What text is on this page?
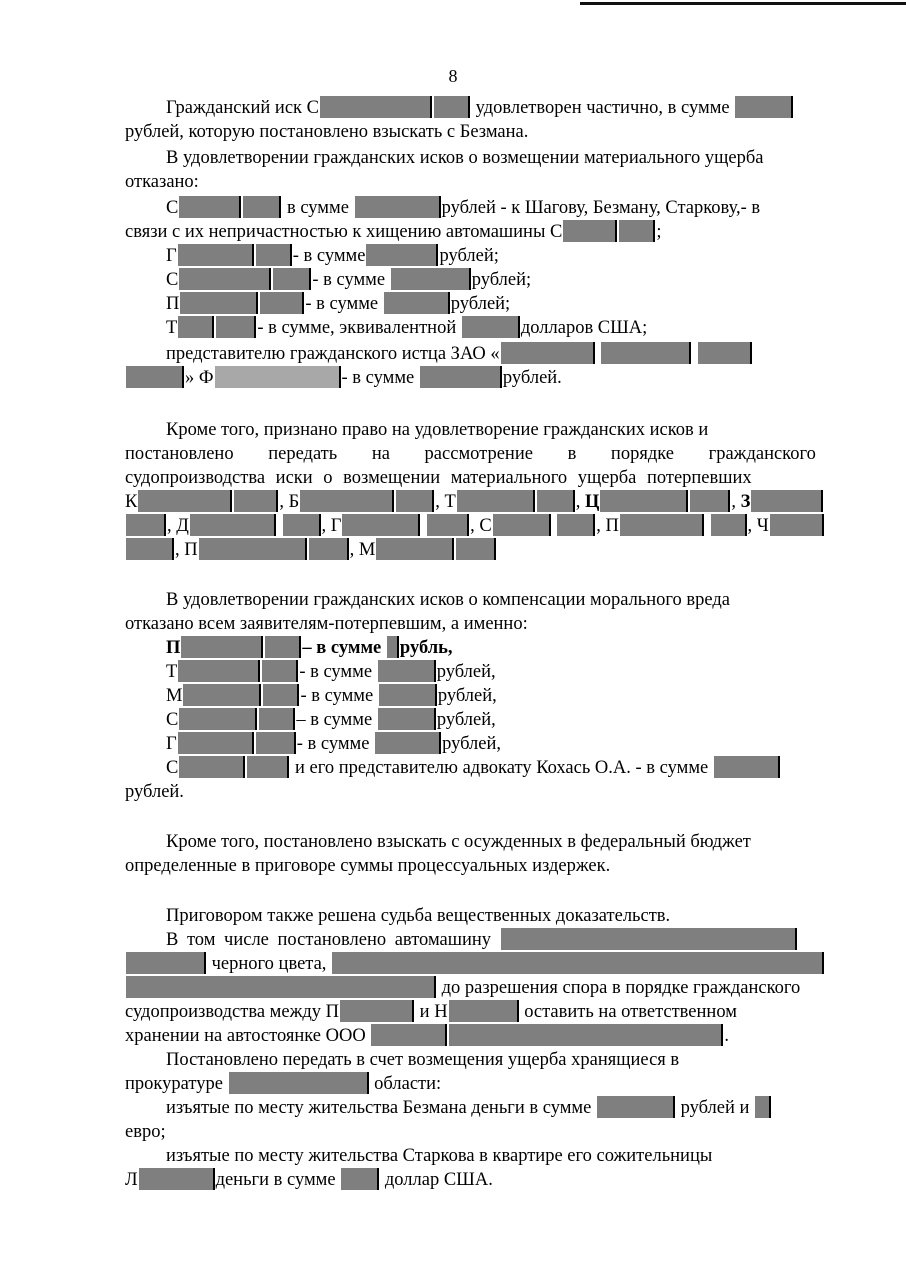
8
Гражданский иск С	удовлетворен частично, в сумме
рублей, которую постановлено взыскать с Безмана.
В удовлетворении гражданских исков о возмещении материального ущерба
отказано:
С	в сумме	рублей - к Шагову, Безману, Старкову,- в
связи с их непричастностью к хищению автомашины С	;
Г	- в сумме	рублей;
С	- в сумме	рублей;
П	- в сумме	рублей;
Т	- в сумме, эквивалентной	долларов США;
представителю гражданского истца ЗАО «
» Ф	- в сумме	рублей.
Кроме того, признано право на удовлетворение гражданских исков и
постановлено передать на рассмотрение в порядке гражданского
судопроизводства иски о возмещении материального ущерба потерпевших
К	, Б	, Т	, Ц	, З
, Д	, Г	, С	, П	, Ч
, П	, М
В удовлетворении гражданских исков о компенсации морального вреда
отказано всем заявителям-потерпевшим, а именно:
П	– в сумме рубль,
Т	- в сумме	рублей,
М	- в сумме	рублей,
С	– в сумме	рублей,
Г	- в сумме	рублей,
С	и его представителю адвокату Кохась О.А. - в сумме
рублей.
Кроме того, постановлено взыскать с осужденных в федеральный бюджет
определенные в приговоре суммы процессуальных издержек.
Приговором также решена судьба вещественных доказательств.
В том числе постановлено автомашину
черного цвета,
до разрешения спора в порядке гражданского
судопроизводства между П	и Н	оставить на ответственном
хранении на автостоянке ООО	.
Постановлено передать в счет возмещения ущерба хранящиеся в
прокуратуре	области:
изъятые по месту жительства Безмана деньги в сумме	рублей и
евро;
изъятые по месту жительства Старкова в квартире его сожительницы
Л	деньги в сумме	доллар США.
